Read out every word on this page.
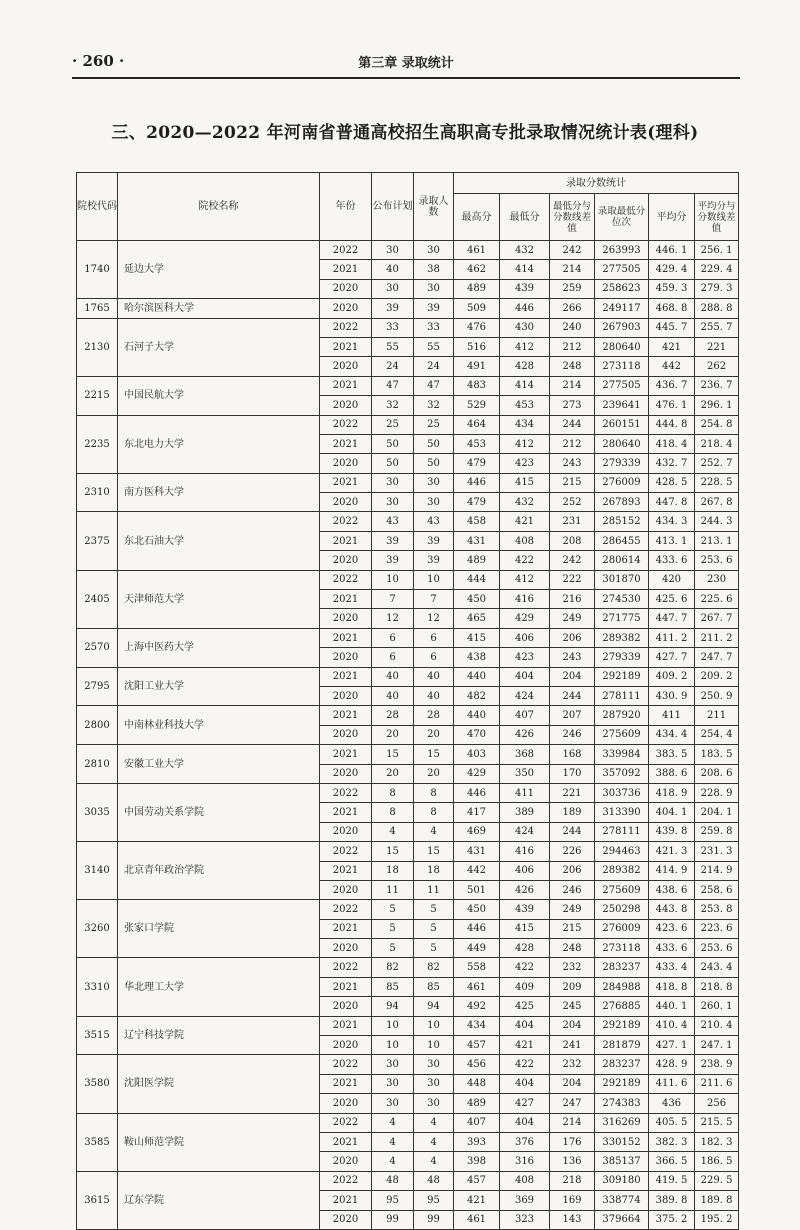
· 260 ·	第三章 录取统计
三、2020—2022 年河南省普通高校招生高职高专批录取情况统计表(理科)
院校代码	院校名称	年份	公布计划	录取人数	录取分数统计					
					最高分	最低分	最低分与分数线差值	录取最低分位次	平均分	平均分与分数线差值
1740	延边大学	2022	30	30	461	432	242	263993	446. 1	256. 1
		2021	40	38	462	414	214	277505	429. 4	229. 4
		2020	30	30	489	439	259	258623	459. 3	279. 3
1765	哈尔滨医科大学	2020	39	39	509	446	266	249117	468. 8	288. 8
2130	石河子大学	2022	33	33	476	430	240	267903	445. 7	255. 7
		2021	55	55	516	412	212	280640	421	221
		2020	24	24	491	428	248	273118	442	262
2215	中国民航大学	2021	47	47	483	414	214	277505	436. 7	236. 7
		2020	32	32	529	453	273	239641	476. 1	296. 1
2235	东北电力大学	2022	25	25	464	434	244	260151	444. 8	254. 8
		2021	50	50	453	412	212	280640	418. 4	218. 4
		2020	50	50	479	423	243	279339	432. 7	252. 7
2310	南方医科大学	2021	30	30	446	415	215	276009	428. 5	228. 5
		2020	30	30	479	432	252	267893	447. 8	267. 8
2375	东北石油大学	2022	43	43	458	421	231	285152	434. 3	244. 3
		2021	39	39	431	408	208	286455	413. 1	213. 1
		2020	39	39	489	422	242	280614	433. 6	253. 6
2405	天津师范大学	2022	10	10	444	412	222	301870	420	230
		2021	7	7	450	416	216	274530	425. 6	225. 6
		2020	12	12	465	429	249	271775	447. 7	267. 7
2570	上海中医药大学	2021	6	6	415	406	206	289382	411. 2	211. 2
		2020	6	6	438	423	243	279339	427. 7	247. 7
2795	沈阳工业大学	2021	40	40	440	404	204	292189	409. 2	209. 2
		2020	40	40	482	424	244	278111	430. 9	250. 9
2800	中南林业科技大学	2021	28	28	440	407	207	287920	411	211
		2020	20	20	470	426	246	275609	434. 4	254. 4
2810	安徽工业大学	2021	15	15	403	368	168	339984	383. 5	183. 5
		2020	20	20	429	350	170	357092	388. 6	208. 6
3035	中国劳动关系学院	2022	8	8	446	411	221	303736	418. 9	228. 9
		2021	8	8	417	389	189	313390	404. 1	204. 1
		2020	4	4	469	424	244	278111	439. 8	259. 8
3140	北京青年政治学院	2022	15	15	431	416	226	294463	421. 3	231. 3
		2021	18	18	442	406	206	289382	414. 9	214. 9
		2020	11	11	501	426	246	275609	438. 6	258. 6
3260	张家口学院	2022	5	5	450	439	249	250298	443. 8	253. 8
		2021	5	5	446	415	215	276009	423. 6	223. 6
		2020	5	5	449	428	248	273118	433. 6	253. 6
3310	华北理工大学	2022	82	82	558	422	232	283237	433. 4	243. 4
		2021	85	85	461	409	209	284988	418. 8	218. 8
		2020	94	94	492	425	245	276885	440. 1	260. 1
3515	辽宁科技学院	2021	10	10	434	404	204	292189	410. 4	210. 4
		2020	10	10	457	421	241	281879	427. 1	247. 1
3580	沈阳医学院	2022	30	30	456	422	232	283237	428. 9	238. 9
		2021	30	30	448	404	204	292189	411. 6	211. 6
		2020	30	30	489	427	247	274383	436	256
3585	鞍山师范学院	2022	4	4	407	404	214	316269	405. 5	215. 5
		2021	4	4	393	376	176	330152	382. 3	182. 3
		2020	4	4	398	316	136	385137	366. 5	186. 5
3615	辽东学院	2022	48	48	457	408	218	309180	419. 5	229. 5
		2021	95	95	421	369	169	338774	389. 8	189. 8
		2020	99	99	461	323	143	379664	375. 2	195. 2
